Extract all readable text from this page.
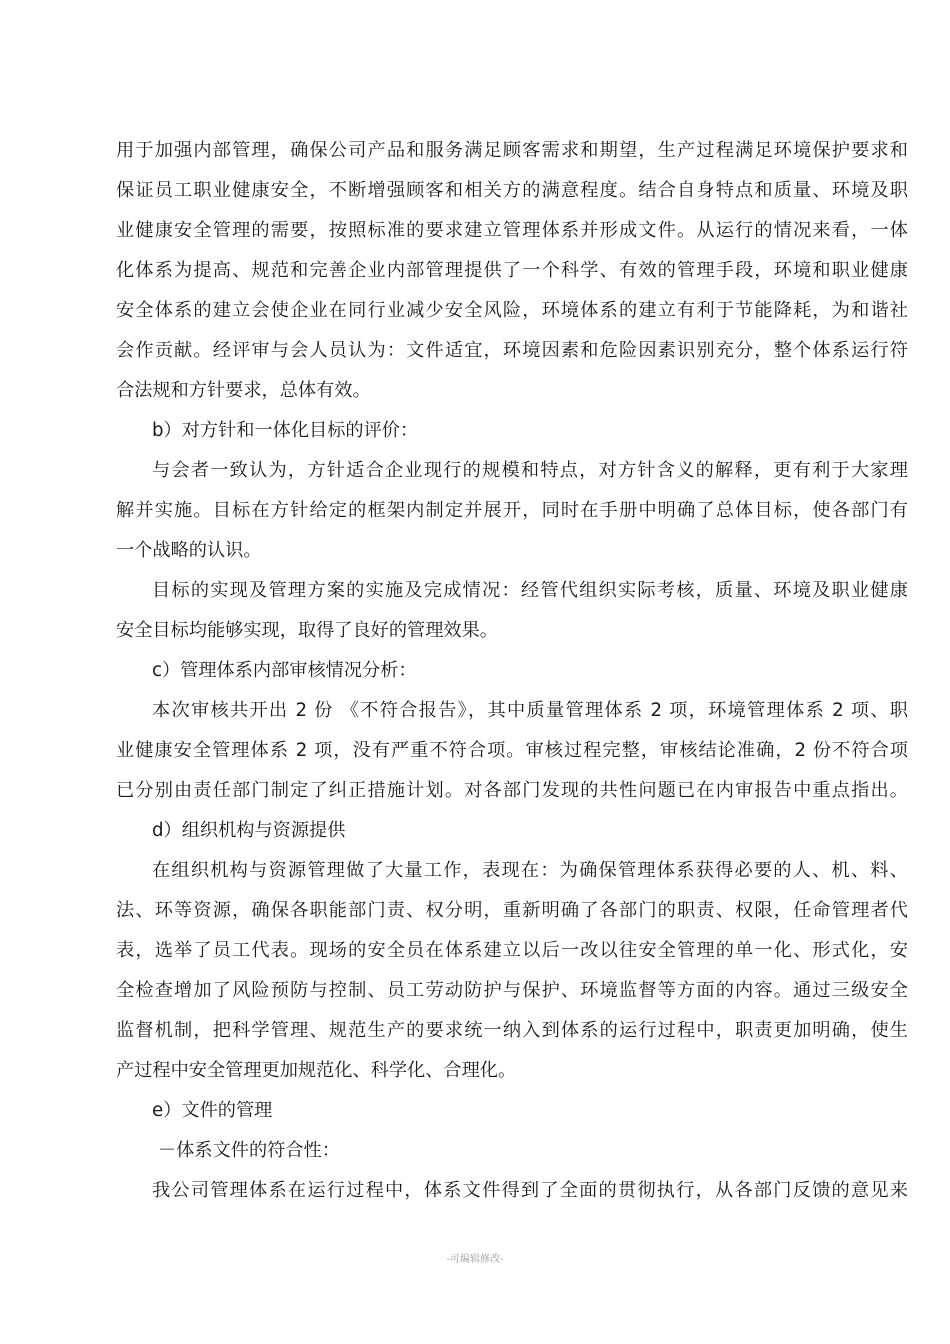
用于加强内部管理，确保公司产品和服务满足顾客需求和期望，生产过程满足环境保护要求和
保证员工职业健康安全，不断增强顾客和相关方的满意程度。结合自身特点和质量、环境及职
业健康安全管理的需要，按照标准的要求建立管理体系并形成文件。从运行的情况来看，一体
化体系为提高、规范和完善企业内部管理提供了一个科学、有效的管理手段，环境和职业健康
安全体系的建立会使企业在同行业减少安全风险，环境体系的建立有利于节能降耗，为和谐社
会作贡献。经评审与会人员认为：文件适宜，环境因素和危险因素识别充分，整个体系运行符
合法规和方针要求，总体有效。
b）对方针和一体化目标的评价：
与会者一致认为，方针适合企业现行的规模和特点，对方针含义的解释，更有利于大家理
解并实施。目标在方针给定的框架内制定并展开，同时在手册中明确了总体目标，使各部门有
一个战略的认识。
目标的实现及管理方案的实施及完成情况：经管代组织实际考核，质量、环境及职业健康
安全目标均能够实现，取得了良好的管理效果。
c）管理体系内部审核情况分析：
本次审核共开出 2 份 《不符合报告》，其中质量管理体系 2 项，环境管理体系 2 项、职
业健康安全管理体系 2 项，没有严重不符合项。审核过程完整，审核结论准确，2 份不符合项
已分别由责任部门制定了纠正措施计划。对各部门发现的共性问题已在内审报告中重点指出。
d）组织机构与资源提供
在组织机构与资源管理做了大量工作，表现在：为确保管理体系获得必要的人、机、料、
法、环等资源，确保各职能部门责、权分明，重新明确了各部门的职责、权限，任命管理者代
表，选举了员工代表。现场的安全员在体系建立以后一改以往安全管理的单一化、形式化，安
全检查增加了风险预防与控制、员工劳动防护与保护、环境监督等方面的内容。通过三级安全
监督机制，把科学管理、规范生产的要求统一纳入到体系的运行过程中，职责更加明确，使生
产过程中安全管理更加规范化、科学化、合理化。
e）文件的管理
－体系文件的符合性：
我公司管理体系在运行过程中，体系文件得到了全面的贯彻执行，从各部门反馈的意见来
-可编辑修改-
